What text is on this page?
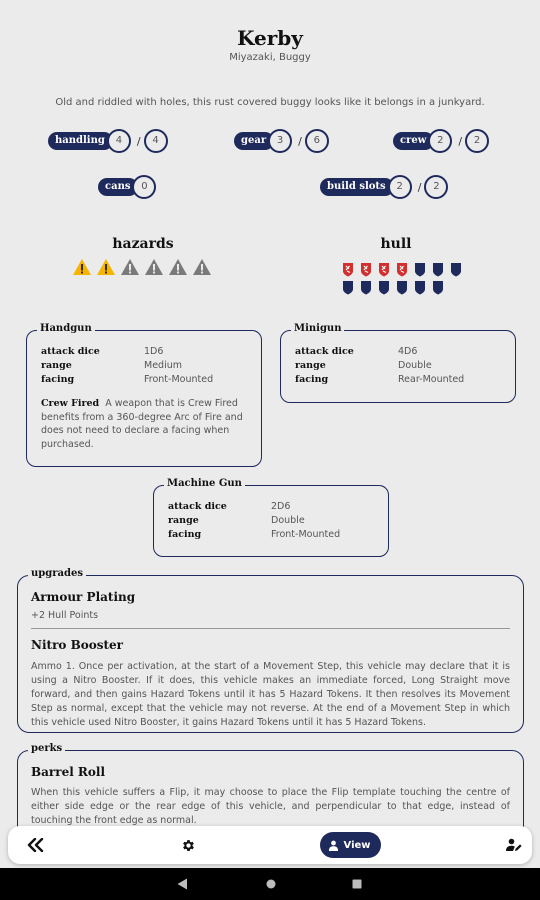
Kerby
Miyazaki, Buggy
Old and riddled with holes, this rust covered buggy looks like it belongs in a junkyard.
handling	4	/	4	gear	3	/	6	crew	2	/	2
cans	0	build slots	2	/	2
hazards	hull
Handgun
attack dice	1D6
range	Medium
facing	Front-Mounted
Crew Fired A weapon that is Crew Fired benefits from a 360-degree Arc of Fire and does not need to declare a facing when purchased.
Minigun
attack dice	4D6
range	Double
facing	Rear-Mounted
Machine Gun
attack dice	2D6
range	Double
facing	Front-Mounted
upgrades
Armour Plating
+2 Hull Points
Nitro Booster
Ammo 1. Once per activation, at the start of a Movement Step, this vehicle may declare that it is using a Nitro Booster. If it does, this vehicle makes an immediate forced, Long Straight move forward, and then gains Hazard Tokens until it has 5 Hazard Tokens. It then resolves its Movement Step as normal, except that the vehicle may not reverse. At the end of a Movement Step in which this vehicle used Nitro Booster, it gains Hazard Tokens until it has 5 Hazard Tokens.
perks
Barrel Roll
When this vehicle suffers a Flip, it may choose to place the Flip template touching the centre of either side edge or the rear edge of this vehicle, and perpendicular to that edge, instead of touching the front edge as normal.
View
